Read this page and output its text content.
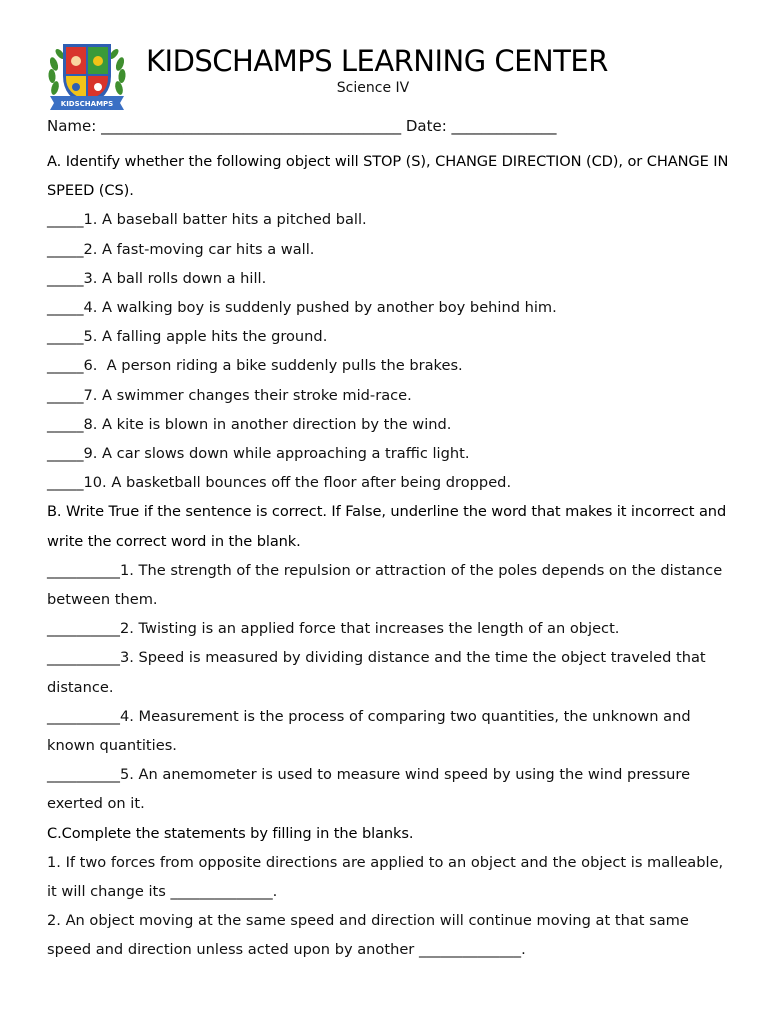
KIDSCHAMPS
KIDSCHAMPS LEARNING CENTER
Science IV
Name: ________________________________________ Date: ______________

A. Identify whether the following object will STOP (S), CHANGE DIRECTION (CD), or CHANGE IN SPEED (CS).

_____1. A baseball batter hits a pitched ball.

_____2. A fast-moving car hits a wall.

_____3. A ball rolls down a hill.

_____4. A walking boy is suddenly pushed by another boy behind him.

_____5. A falling apple hits the ground.

_____6.  A person riding a bike suddenly pulls the brakes.

_____7. A swimmer changes their stroke mid-race.

_____8. A kite is blown in another direction by the wind.

_____9. A car slows down while approaching a traffic light.

_____10. A basketball bounces off the floor after being dropped.

B. Write True if the sentence is correct. If False, underline the word that makes it incorrect and write the correct word in the blank.

__________1. The strength of the repulsion or attraction of the poles depends on the distance between them.

__________2. Twisting is an applied force that increases the length of an object.

__________3. Speed is measured by dividing distance and the time the object traveled that distance.

__________4. Measurement is the process of comparing two quantities, the unknown and known quantities.

__________5. An anemometer is used to measure wind speed by using the wind pressure exerted on it.

C.Complete the statements by filling in the blanks.

1. If two forces from opposite directions are applied to an object and the object is malleable, it will change its ______________.

2. An object moving at the same speed and direction will continue moving at that same speed and direction unless acted upon by another ______________.
